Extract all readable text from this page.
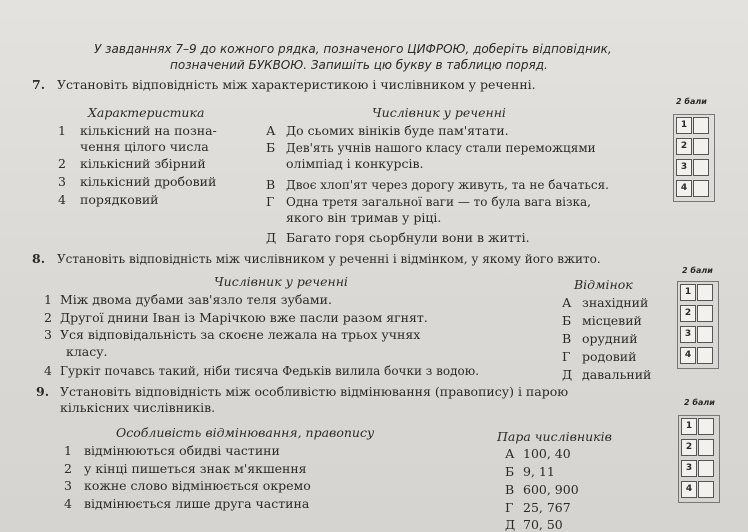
У завданнях 7–9 до кожного рядка, позначеного ЦИФРОЮ, доберіть відповідник,
позначений БУКВОЮ. Запишіть цю букву в таблицю поряд.
7. Установіть відповідність між характеристикою і числівником у реченні.
Характеристика	Числівник у реченні
1 кількісний на позна-
чення цілого числа
2 кількісний збірний
3 кількісний дробовий
4 порядковий
А До сьомих вініків буде пам'ятати.
Б Дев'ять учнів нашого класу стали переможцями
олімпіад і конкурсів.
В Двоє хлоп'ят через дорогу живуть, та не бачаться.
Г Одна третя загальної ваги — то була вага візка,
якого він тримав у ріці.
Д Багато горя сьорбнули вони в житті.
2 бали
1
2
3
4
8. Установіть відповідність між числівником у реченні і відмінком, у якому його вжито.
Числівник у реченні	Відмінок
1 Між двома дубами зав'язло теля зубами.
2 Другої днини Іван із Марічкою вже пасли разом ягнят.
3 Уся відповідальність за скоєне лежала на трьох учнях
класу.
4 Гуркіт почавсь такий, ніби тисяча Федьків вилила бочки з водою.
А знахідний
Б місцевий
В орудний
Г родовий
Д давальний
2 бали
1
2
3
4
9. Установіть відповідність між особливістю відмінювання (правопису) і парою
кількісних числівників.
Особливість відмінювання, правопису	Пара числівників
1 відмінюються обидві частини
2 у кінці пишеться знак м'якшення
3 кожне слово відмінюється окремо
4 відмінюється лише друга частина
А 100, 40
Б 9, 11
В 600, 900
Г 25, 767
Д 70, 50
2 бали
1
2
3
4
